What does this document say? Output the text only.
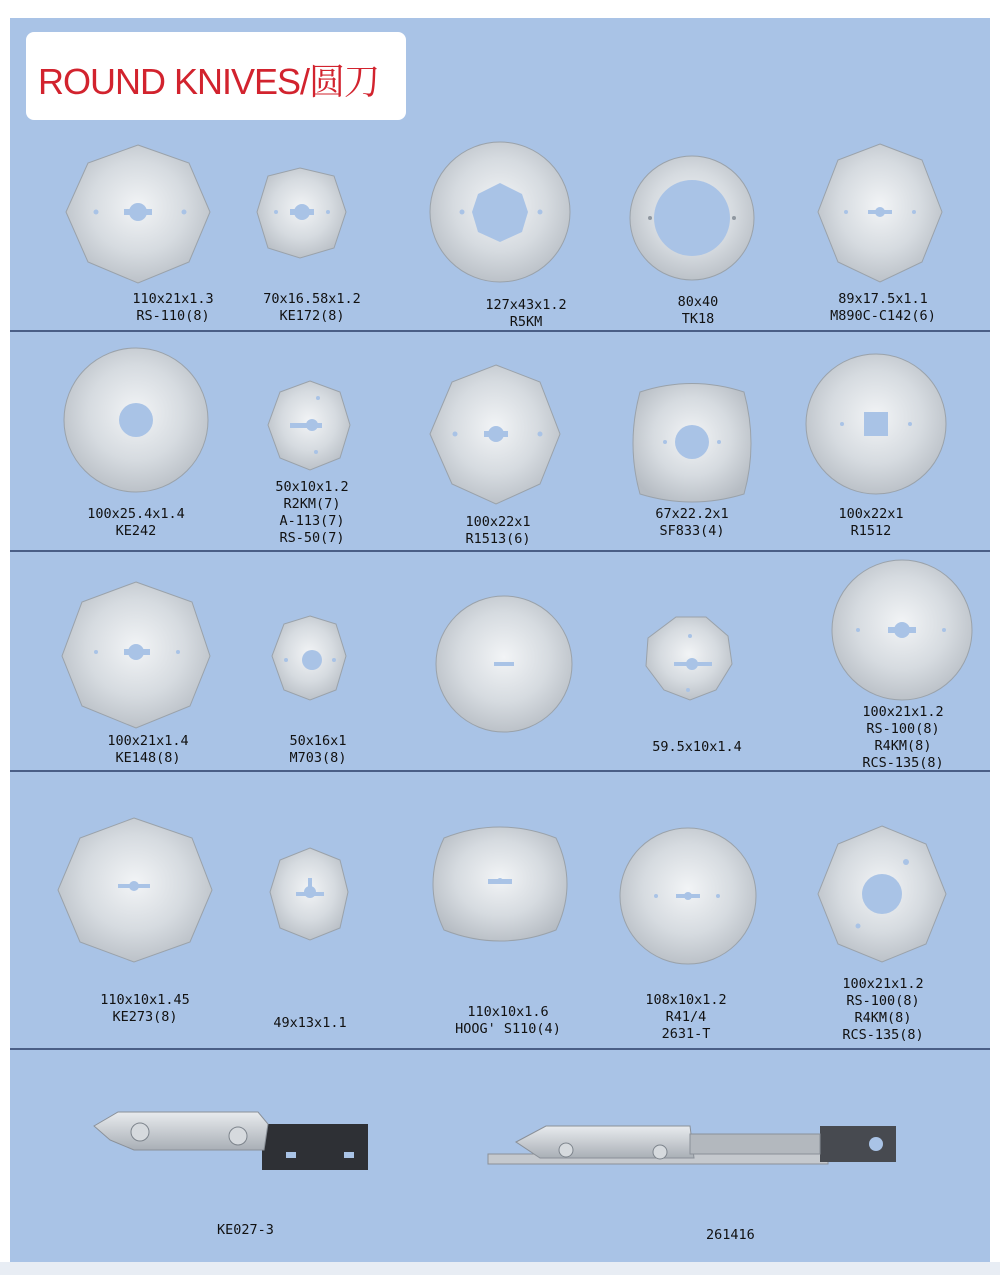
ROUND KNIVES/圆刀
110x21x1.3
RS-110(8)
70x16.58x1.2
KE172(8)
127x43x1.2
R5KM
80x40
TK18
89x17.5x1.1
M890C-C142(6)
100x25.4x1.4
KE242
50x10x1.2
R2KM(7)
A-113(7)
RS-50(7)
100x22x1
R1513(6)
67x22.2x1
SF833(4)
100x22x1
R1512
100x21x1.4
KE148(8)
50x16x1
M703(8)
59.5x10x1.4
100x21x1.2
RS-100(8)
R4KM(8)
RCS-135(8)
110x10x1.45
KE273(8)	49x13x1.1
110x10x1.6
HOOG' S110(4)
108x10x1.2
R41/4
2631-T
100x21x1.2
RS-100(8)
R4KM(8)
RCS-135(8)
KE027-3	261416
